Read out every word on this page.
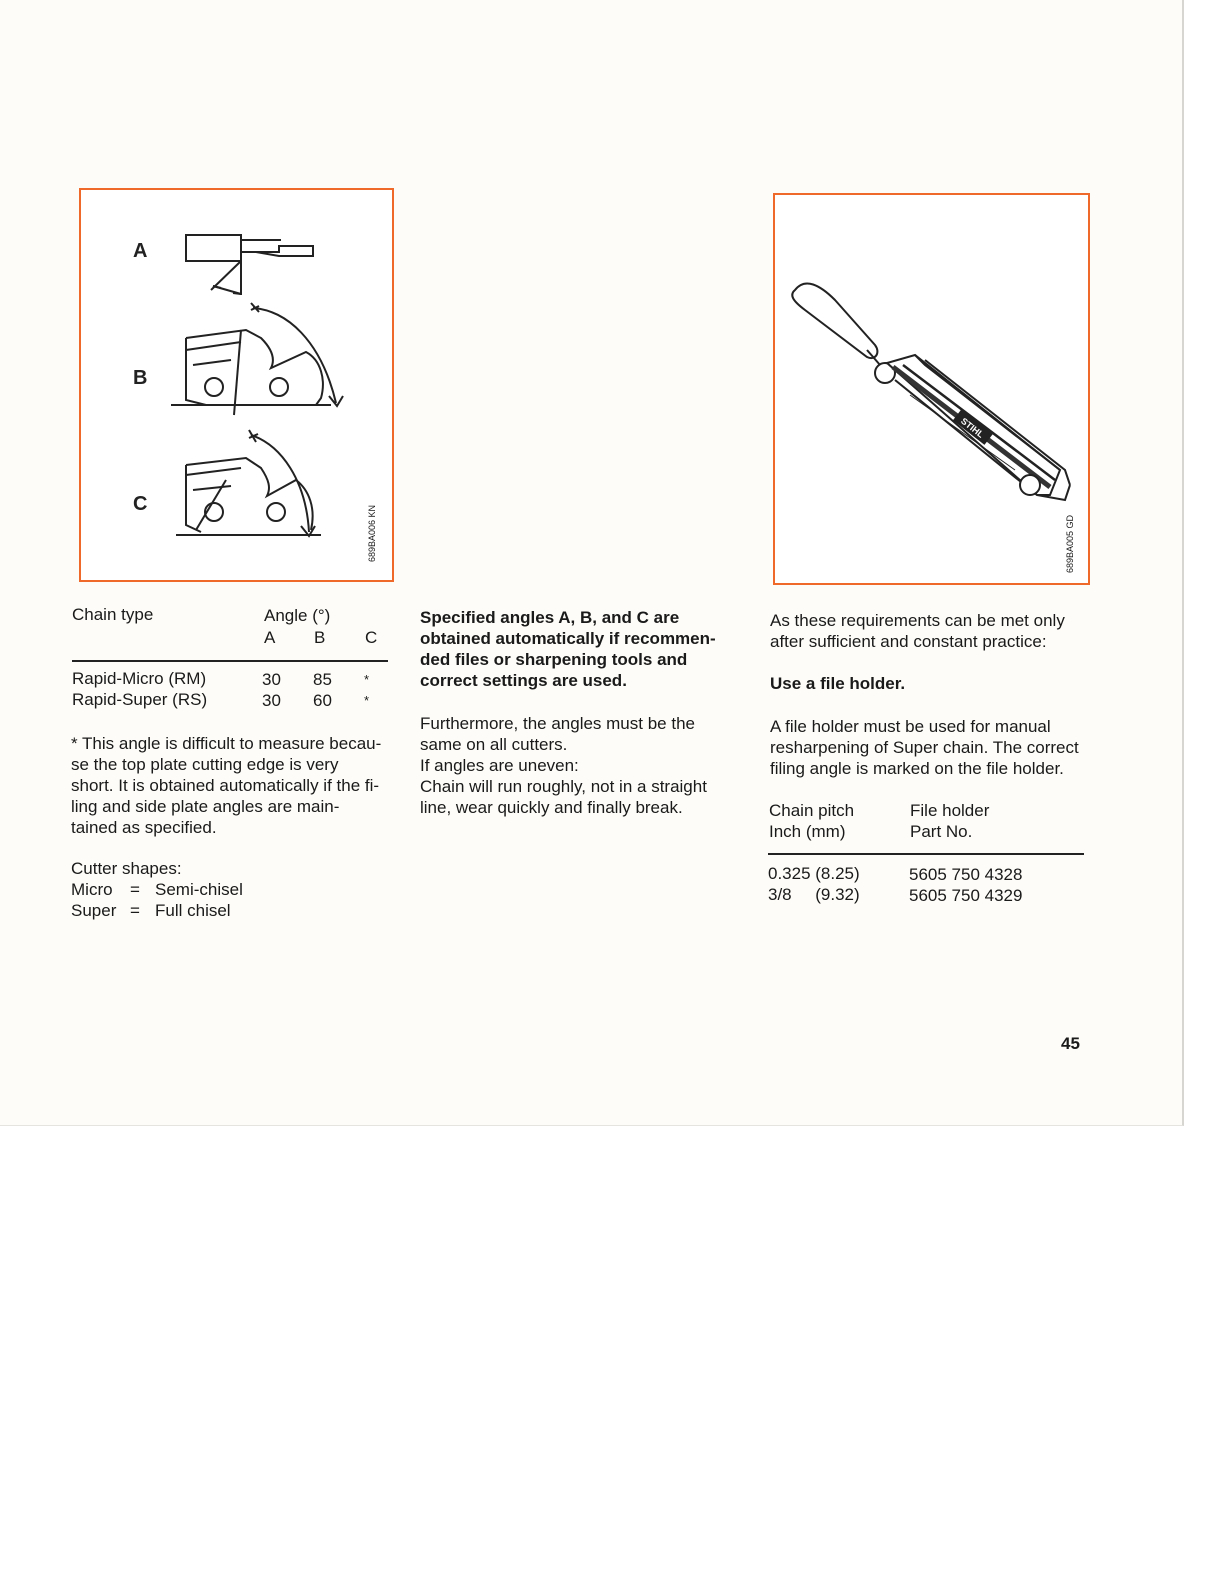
A
B
C
689BA006 KN
STIHL
689BA005 GD
Chain type	Angle (°)
A B C
Rapid-Micro (RM)	30 85 *
Rapid-Super (RS)	30 60 *
* This angle is difficult to measure becau-
se the top plate cutting edge is very
short. It is obtained automatically if the fi-
ling and side plate angles are main-
tained as specified.
Cutter shapes:
Micro = Semi-chisel
Super = Full chisel
Specified angles A, B, and C are
obtained automatically if recommen-
ded files or sharpening tools and
correct settings are used.
Furthermore, the angles must be the
same on all cutters.
If angles are uneven:
Chain will run roughly, not in a straight
line, wear quickly and finally break.
As these requirements can be met only
after sufficient and constant practice:
Use a file holder.
A file holder must be used for manual
resharpening of Super chain. The correct
filing angle is marked on the file holder.
Chain pitch
Inch (mm)
File holder
Part No.
0.325 (8.25)	5605 750 4328
3/8     (9.32)	5605 750 4329
45
